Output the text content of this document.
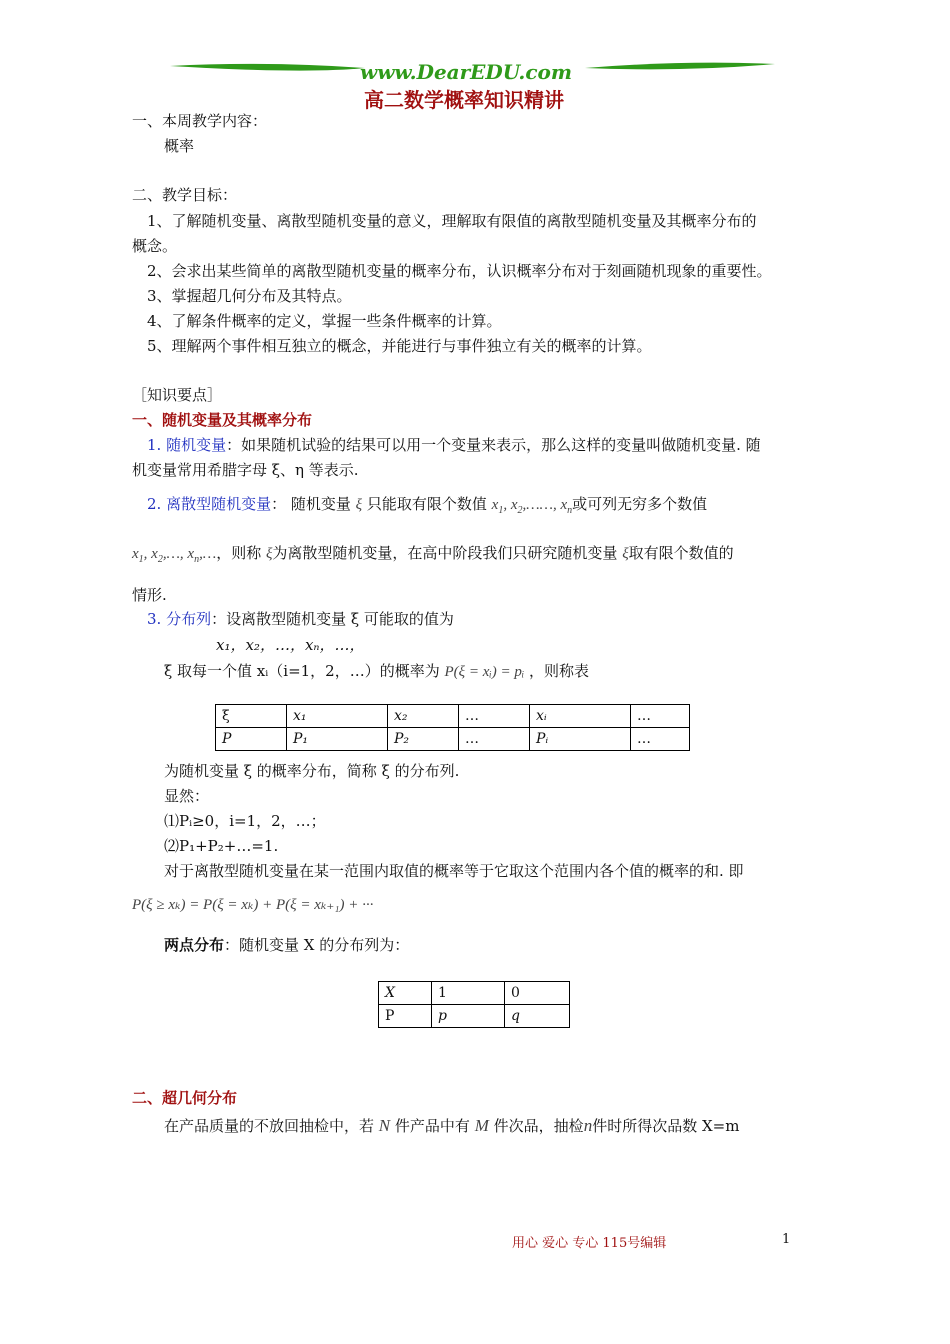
www.DearEDU.com
高二数学概率知识精讲
一、本周教学内容：
概率
二、教学目标：
1、了解随机变量、离散型随机变量的意义，理解取有限值的离散型随机变量及其概率分布的
概念。
2、会求出某些简单的离散型随机变量的概率分布，认识概率分布对于刻画随机现象的重要性。
3、掌握超几何分布及其特点。
4、了解条件概率的定义，掌握一些条件概率的计算。
5、理解两个事件相互独立的概念，并能进行与事件独立有关的概率的计算。
［知识要点］
一、随机变量及其概率分布
1. 随机变量：如果随机试验的结果可以用一个变量来表示，那么这样的变量叫做随机变量. 随
机变量常用希腊字母 ξ、η 等表示.
2. 离散型随机变量： 随机变量 ξ 只能取有限个数值 $x_1$, $x_2,\dots\dots$, $x_n$或可列无穷多个数值
$x_1$, $x_2,\dots$, $x_n,\dots$，则称 ξ为离散型随机变量，在高中阶段我们只研究随机变量 ξ取有限个数值的
情形.
3. 分布列：设离散型随机变量 ξ 可能取的值为
x₁，x₂，…，xₙ，…，
ξ 取每一个值 xᵢ（i=1，2，…）的概率为 P(ξ = xᵢ) = pᵢ ，则称表
ξ	x₁	x₂	…	xᵢ	…
P	P₁	P₂	…	Pᵢ	…
为随机变量 ξ 的概率分布，简称 ξ 的分布列.
显然：
⑴Pᵢ≥0，i=1，2，…；
⑵P₁+P₂+…=1.
对于离散型随机变量在某一范围内取值的概率等于它取这个范围内各个值的概率的和. 即
P(ξ ≥ xₖ) = P(ξ = xₖ) + P(ξ = xₖ₊₁) + ···
两点分布：随机变量 X 的分布列为：
X	1	0
P	p	q
二、超几何分布
在产品质量的不放回抽检中，若 N 件产品中有 M 件次品，抽检n件时所得次品数 X=m
用心 爱心 专心 115号编辑	1
